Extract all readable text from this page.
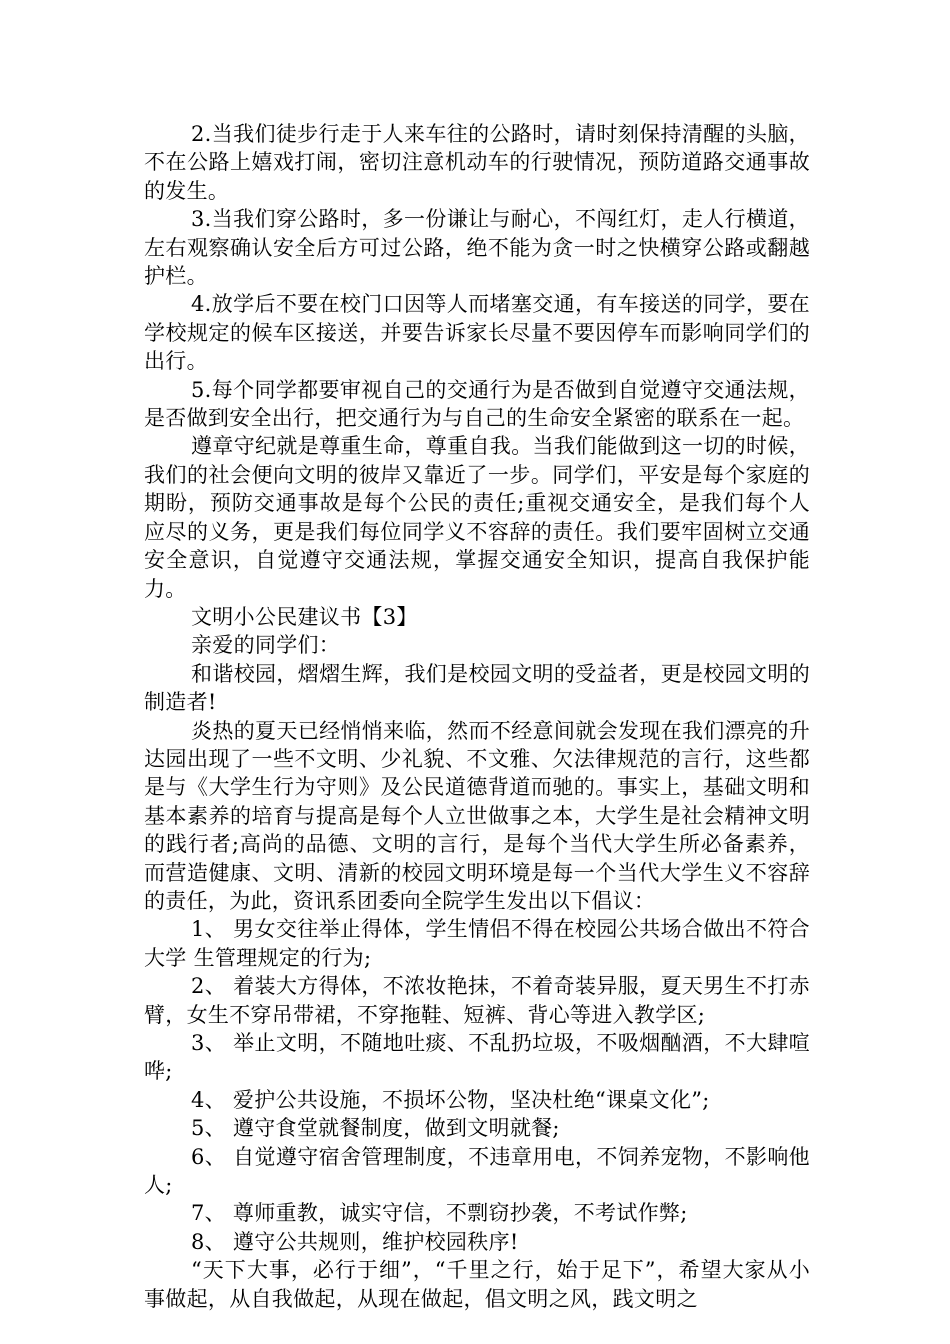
2.当我们徒步行走于人来车往的公路时，请时刻保持清醒的头脑，不在公路上嬉戏打闹，密切注意机动车的行驶情况，预防道路交通事故的发生。

3.当我们穿公路时，多一份谦让与耐心，不闯红灯，走人行横道，左右观察确认安全后方可过公路，绝不能为贪一时之快横穿公路或翻越护栏。

4.放学后不要在校门口因等人而堵塞交通，有车接送的同学，要在学校规定的候车区接送，并要告诉家长尽量不要因停车而影响同学们的出行。

5.每个同学都要审视自己的交通行为是否做到自觉遵守交通法规，是否做到安全出行，把交通行为与自己的生命安全紧密的联系在一起。

遵章守纪就是尊重生命，尊重自我。当我们能做到这一切的时候，我们的社会便向文明的彼岸又靠近了一步。同学们，平安是每个家庭的期盼，预防交通事故是每个公民的责任;重视交通安全，是我们每个人应尽的义务，更是我们每位同学义不容辞的责任。我们要牢固树立交通安全意识，自觉遵守交通法规，掌握交通安全知识，提高自我保护能力。

文明小公民建议书【3】

亲爱的同学们：

和谐校园，熠熠生辉，我们是校园文明的受益者，更是校园文明的制造者!

炎热的夏天已经悄悄来临，然而不经意间就会发现在我们漂亮的升达园出现了一些不文明、少礼貌、不文雅、欠法律规范的言行，这些都是与《大学生行为守则》及公民道德背道而驰的。事实上，基础文明和基本素养的培育与提高是每个人立世做事之本，大学生是社会精神文明的践行者;高尚的品德、文明的言行，是每个当代大学生所必备素养，而营造健康、文明、清新的校园文明环境是每一个当代大学生义不容辞的责任，为此，资讯系团委向全院学生发出以下倡议：

1、 男女交往举止得体，学生情侣不得在校园公共场合做出不符合大学 生管理规定的行为;

2、 着装大方得体，不浓妆艳抹，不着奇装异服，夏天男生不打赤臂，女生不穿吊带裙，不穿拖鞋、短裤、背心等进入教学区;

3、 举止文明，不随地吐痰、不乱扔垃圾，不吸烟酗酒，不大肆喧哗;

4、 爱护公共设施，不损坏公物，坚决杜绝“课桌文化”;

5、 遵守食堂就餐制度，做到文明就餐;

6、 自觉遵守宿舍管理制度，不违章用电，不饲养宠物，不影响他人;

7、 尊师重教，诚实守信，不剽窃抄袭，不考试作弊;

8、 遵守公共规则，维护校园秩序!

“天下大事，必行于细”，“千里之行，始于足下”，希望大家从小事做起，从自我做起，从现在做起，倡文明之风，践文明之
